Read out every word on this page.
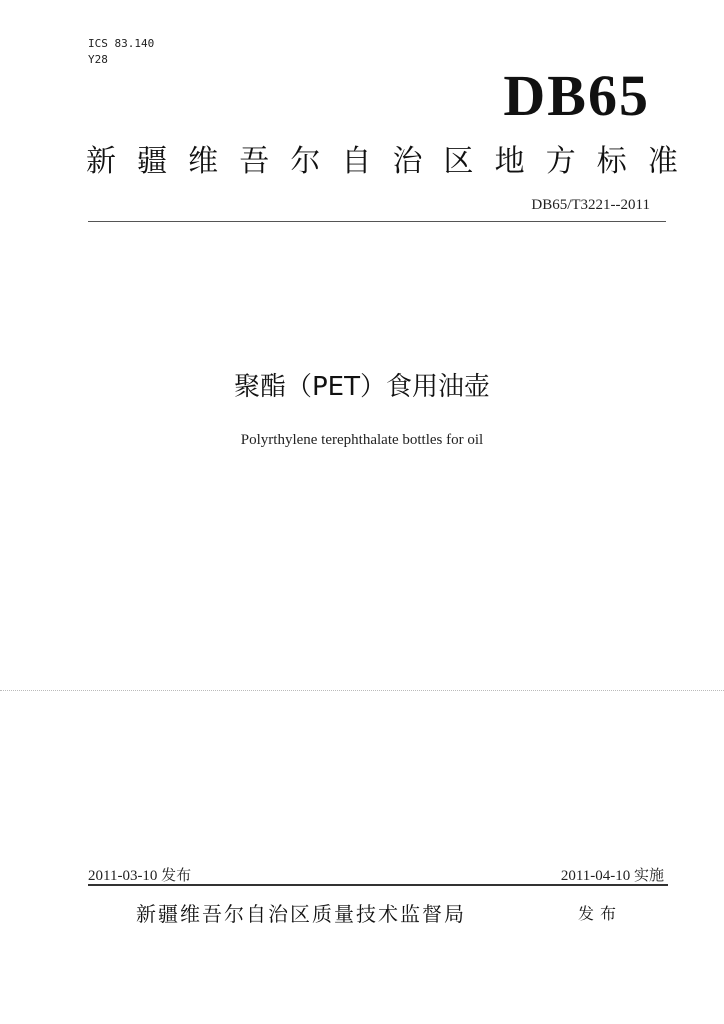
ICS 83.140
Y28
DB65
新 疆 维 吾 尔 自 治 区 地 方 标 准
DB65/T3221--2011
聚酯（PET）食用油壶
Polyrthylene terephthalate bottles for oil
2011-03-10 发布	2011-04-10 实施
新疆维吾尔自治区质量技术监督局	发布
